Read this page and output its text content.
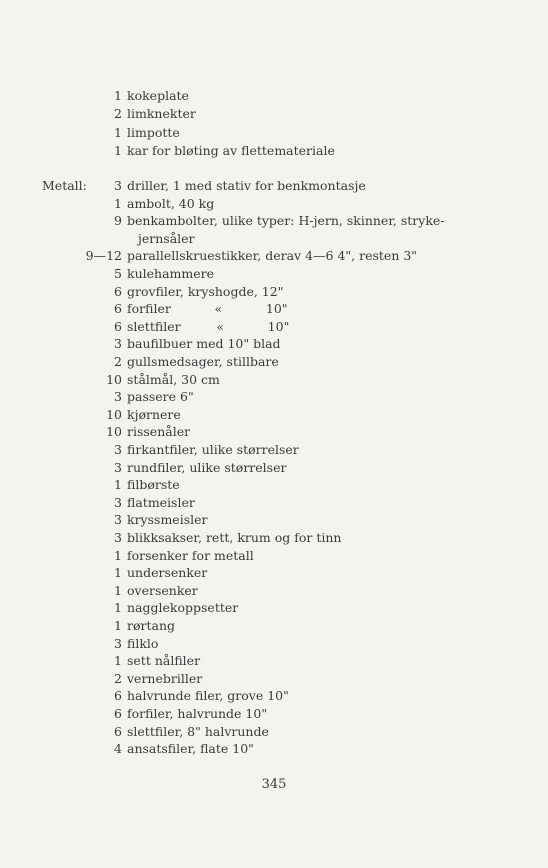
1 kokeplate
2 limknekter
1 limpotte
1 kar for bløting av flettemateriale
Metall:	3 driller, 1 med stativ for benkmontasje
1 ambolt, 40 kg
9 benkambolter, ulike typer: H-jern, skinner, stryke-
jernsåler
9—12 parallellskruestikker, derav 4—6 4", resten 3"
5 kulehammere
6 grovfiler, kryshogde, 12"
6 forfiler           «           10"
6 slettfiler         «           10"
3 baufilbuer med 10" blad
2 gullsmedsager, stillbare
10 stålmål, 30 cm
3 passere 6"
10 kjørnere
10 rissenåler
3 firkantfiler, ulike størrelser
3 rundfiler, ulike størrelser
1 filbørste
3 flatmeisler
3 kryssmeisler
3 blikksakser, rett, krum og for tinn
1 forsenker for metall
1 undersenker
1 oversenker
1 nagglekoppsetter
1 rørtang
3 filklo
1 sett nålfiler
2 vernebriller
6 halvrunde filer, grove 10"
6 forfiler, halvrunde 10"
6 slettfiler, 8" halvrunde
4 ansatsfiler, flate 10"
345
